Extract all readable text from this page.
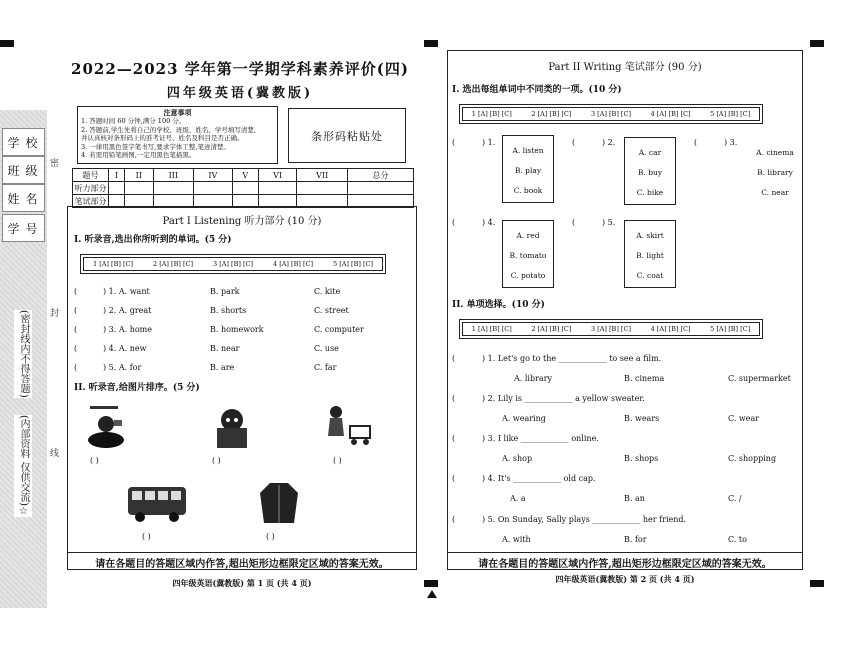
学校
班级
姓名
学号
(密封线内不得答题)
(内部资料 仅供交流)☆
密
封
线
2022—2023 学年第一学期学科素养评价(四)
四年级英语(冀教版)
注意事项
1. 答题时间 60 分钟,满分 100 分。
2. 答题前,学生先将自己的学校、班级、姓名、学号填写清楚,
并认真核对条形码上的准考证号、姓名及科目是否正确。
3. 一律用黑色签字笔书写,要求字体工整,笔迹清楚。
4. 若需用铅笔画图,一定用黑色笔描黑。
条形码粘贴处
题号	I	II	III	IV	V	VI	VII	总分
听力部分								
笔试部分								
Part I Listening 听力部分 (10 分)
I. 听录音,选出你所听到的单词。(5 分)
1 [A] [B] [C]	2 [A] [B] [C]	3 [A] [B] [C]	4 [A] [B] [C]	5 [A] [B] [C]
(	) 1. A. want	B. park	C. kite
(	) 2. A. great	B. shorts	C. street
(	) 3. A. home	B. homework	C. computer
(	) 4. A. new	B. near	C. use
(	) 5. A. for	B. are	C. far
II. 听录音,给图片排序。(5 分)
( )	( )	( )
( )	( )
请在各题目的答题区域内作答,超出矩形边框限定区域的答案无效。
四年级英语(冀教版) 第 1 页 (共 4 页)
Part II Writing 笔试部分 (90 分)
I. 选出每组单词中不同类的一项。(10 分)
1 [A] [B] [C]	2 [A] [B] [C]	3 [A] [B] [C]	4 [A] [B] [C]	5 [A] [B] [C]
(	) 1.
A. listen
B. play
C. book
(	) 2.
A. car
B. buy
C. bike
(	) 3.
A. cinema
B. library
C. near
(	) 4.
A. red
B. tomato
C. potato
(	) 5.
A. skirt
B. light
C. coat
II. 单项选择。(10 分)
1 [A] [B] [C]	2 [A] [B] [C]	3 [A] [B] [C]	4 [A] [B] [C]	5 [A] [B] [C]
(	) 1. Let's go to the ____________ to see a film.
A. library	B. cinema	C. supermarket
(	) 2. Lily is ____________ a yellow sweater.
A. wearing	B. wears	C. wear
(	) 3. I like ____________ online.
A. shop	B. shops	C. shopping
(	) 4. It's ____________ old cap.
A. a	B. an	C. /
(	) 5. On Sunday, Sally plays ____________ her friend.
A. with	B. for	C. to
请在各题目的答题区域内作答,超出矩形边框限定区域的答案无效。
四年级英语(冀教版) 第 2 页 (共 4 页)
